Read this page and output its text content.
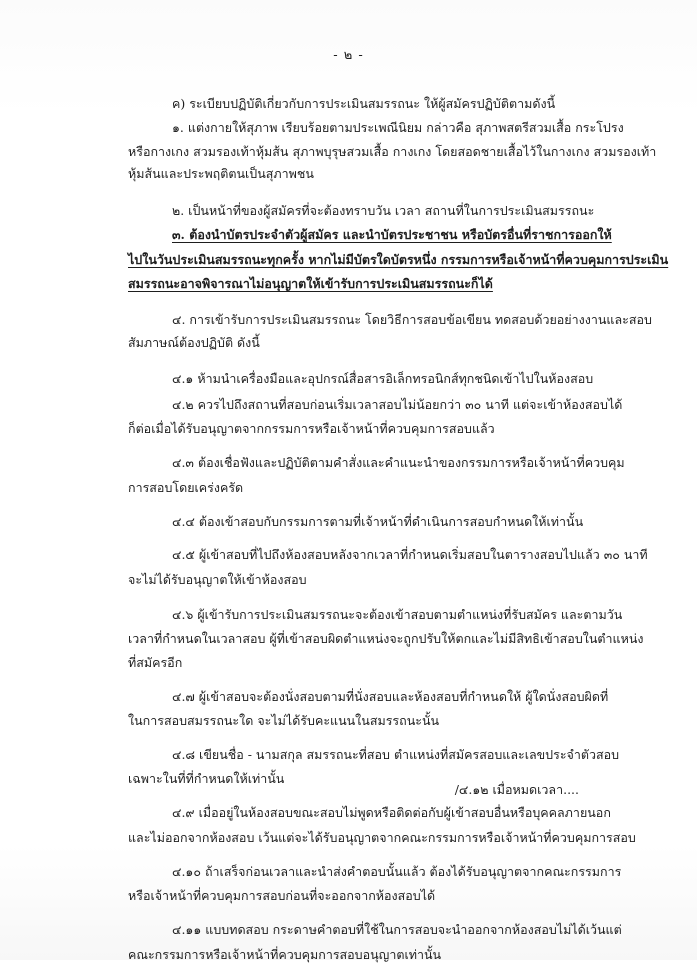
- ๒ -
ค) ระเบียบปฏิบัติเกี่ยวกับการประเมินสมรรถนะ ให้ผู้สมัครปฏิบัติตามดังนี้
๑. แต่งกายให้สุภาพ เรียบร้อยตามประเพณีนิยม กล่าวคือ สุภาพสตรีสวมเสื้อ กระโปรง
หรือกางเกง สวมรองเท้าหุ้มส้น สุภาพบุรุษสวมเสื้อ กางเกง โดยสอดชายเสื้อไว้ในกางเกง สวมรองเท้า
หุ้มส้นและประพฤติตนเป็นสุภาพชน
๒. เป็นหน้าที่ของผู้สมัครที่จะต้องทราบวัน เวลา สถานที่ในการประเมินสมรรถนะ
๓. ต้องนำบัตรประจำตัวผู้สมัคร และนำบัตรประชาชน หรือบัตรอื่นที่ราชการออกให้
ไปในวันประเมินสมรรถนะทุกครั้ง หากไม่มีบัตรใดบัตรหนึ่ง กรรมการหรือเจ้าหน้าที่ควบคุมการประเมิน
สมรรถนะอาจพิจารณาไม่อนุญาตให้เข้ารับการประเมินสมรรถนะก็ได้
๔. การเข้ารับการประเมินสมรรถนะ โดยวิธีการสอบข้อเขียน ทดสอบด้วยอย่างงานและสอบ
สัมภาษณ์ต้องปฏิบัติ ดังนี้
๔.๑ ห้ามนำเครื่องมือและอุปกรณ์สื่อสารอิเล็กทรอนิกส์ทุกชนิดเข้าไปในห้องสอบ
๔.๒ ควรไปถึงสถานที่สอบก่อนเริ่มเวลาสอบไม่น้อยกว่า ๓๐ นาที แต่จะเข้าห้องสอบได้
ก็ต่อเมื่อได้รับอนุญาตจากกรรมการหรือเจ้าหน้าที่ควบคุมการสอบแล้ว
๔.๓ ต้องเชื่อฟังและปฏิบัติตามคำสั่งและคำแนะนำของกรรมการหรือเจ้าหน้าที่ควบคุม
การสอบโดยเคร่งครัด
๔.๔ ต้องเข้าสอบกับกรรมการตามที่เจ้าหน้าที่ดำเนินการสอบกำหนดให้เท่านั้น
๔.๕ ผู้เข้าสอบที่ไปถึงห้องสอบหลังจากเวลาที่กำหนดเริ่มสอบในตารางสอบไปแล้ว ๓๐ นาที
จะไม่ได้รับอนุญาตให้เข้าห้องสอบ
๔.๖ ผู้เข้ารับการประเมินสมรรถนะจะต้องเข้าสอบตามตำแหน่งที่รับสมัคร และตามวัน
เวลาที่กำหนดในเวลาสอบ ผู้ที่เข้าสอบผิดตำแหน่งจะถูกปรับให้ตกและไม่มีสิทธิเข้าสอบในตำแหน่ง
ที่สมัครอีก
๔.๗ ผู้เข้าสอบจะต้องนั่งสอบตามที่นั่งสอบและห้องสอบที่กำหนดให้ ผู้ใดนั่งสอบผิดที่
ในการสอบสมรรถนะใด จะไม่ได้รับคะแนนในสมรรถนะนั้น
๔.๘ เขียนชื่อ - นามสกุล สมรรถนะที่สอบ ตำแหน่งที่สมัครสอบและเลขประจำตัวสอบ
เฉพาะในที่ที่กำหนดให้เท่านั้น
๔.๙ เมื่ออยู่ในห้องสอบขณะสอบไม่พูดหรือติดต่อกับผู้เข้าสอบอื่นหรือบุคคลภายนอก
และไม่ออกจากห้องสอบ เว้นแต่จะได้รับอนุญาตจากคณะกรรมการหรือเจ้าหน้าที่ควบคุมการสอบ
๔.๑๐ ถ้าเสร็จก่อนเวลาและนำส่งคำตอบนั้นแล้ว ต้องได้รับอนุญาตจากคณะกรรมการ
หรือเจ้าหน้าที่ควบคุมการสอบก่อนที่จะออกจากห้องสอบได้
๔.๑๑ แบบทดสอบ กระดาษคำตอบที่ใช้ในการสอบจะนำออกจากห้องสอบไม่ได้เว้นแต่
คณะกรรมการหรือเจ้าหน้าที่ควบคุมการสอบอนุญาตเท่านั้น
/๔.๑๒ เมื่อหมดเวลา....
